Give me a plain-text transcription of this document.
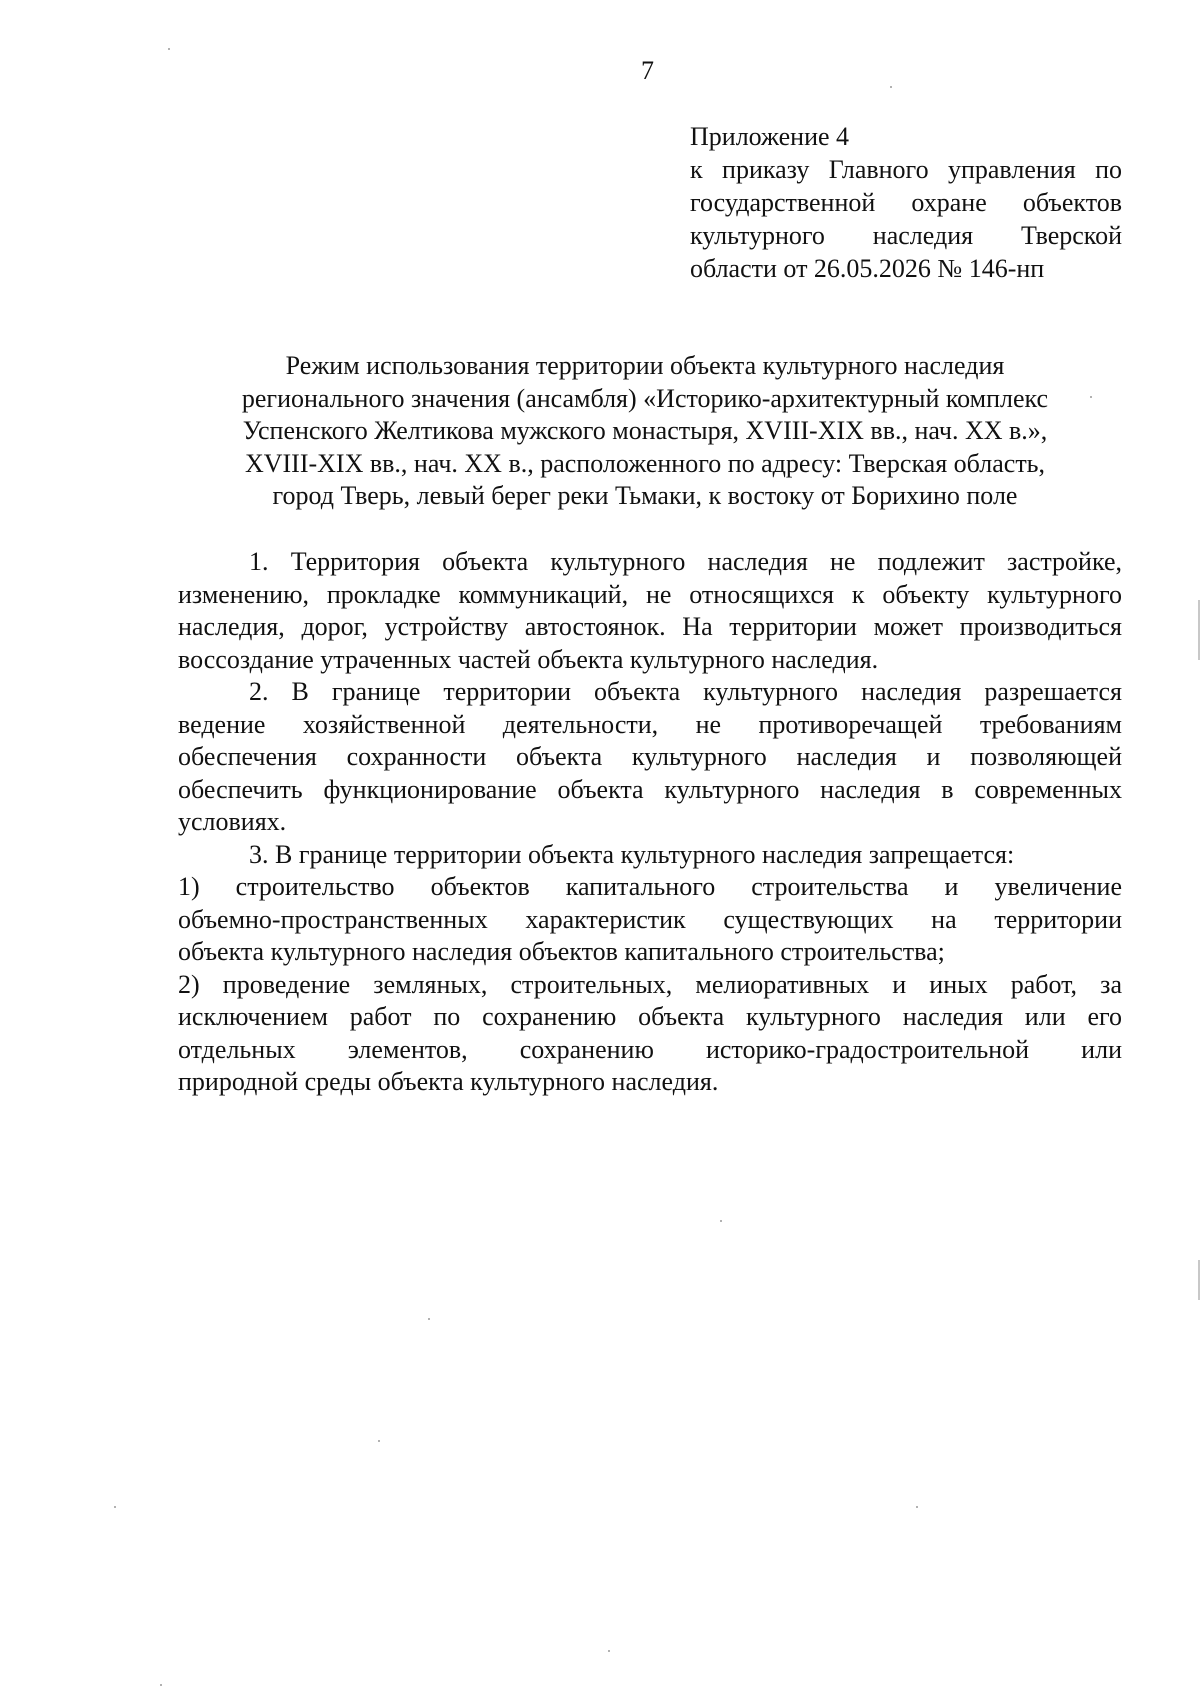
7
Приложение 4
к приказу Главного управления по
государственной охране объектов
культурного наследия Тверской
области от 26.05.2026 № 146-нп
Режим использования территории объекта культурного наследия
регионального значения (ансамбля) «Историко-архитектурный комплекс
Успенского Желтикова мужского монастыря, XVIII-XIX вв., нач. XX в.»,
XVIII-XIX вв., нач. XX в., расположенного по адресу: Тверская область,
город Тверь, левый берег реки Тьмаки, к востоку от Борихино поле
1. Территория объекта культурного наследия не подлежит застройке,
изменению, прокладке коммуникаций, не относящихся к объекту культурного
наследия, дорог, устройству автостоянок. На территории может производиться
воссоздание утраченных частей объекта культурного наследия.
2. В границе территории объекта культурного наследия разрешается
ведение хозяйственной деятельности, не противоречащей требованиям
обеспечения сохранности объекта культурного наследия и позволяющей
обеспечить функционирование объекта культурного наследия в современных
условиях.
3. В границе территории объекта культурного наследия запрещается:
1) строительство объектов капитального строительства и увеличение
объемно-пространственных характеристик существующих на территории
объекта культурного наследия объектов капитального строительства;
2) проведение земляных, строительных, мелиоративных и иных работ, за
исключением работ по сохранению объекта культурного наследия или его
отдельных элементов, сохранению историко-градостроительной или
природной среды объекта культурного наследия.
